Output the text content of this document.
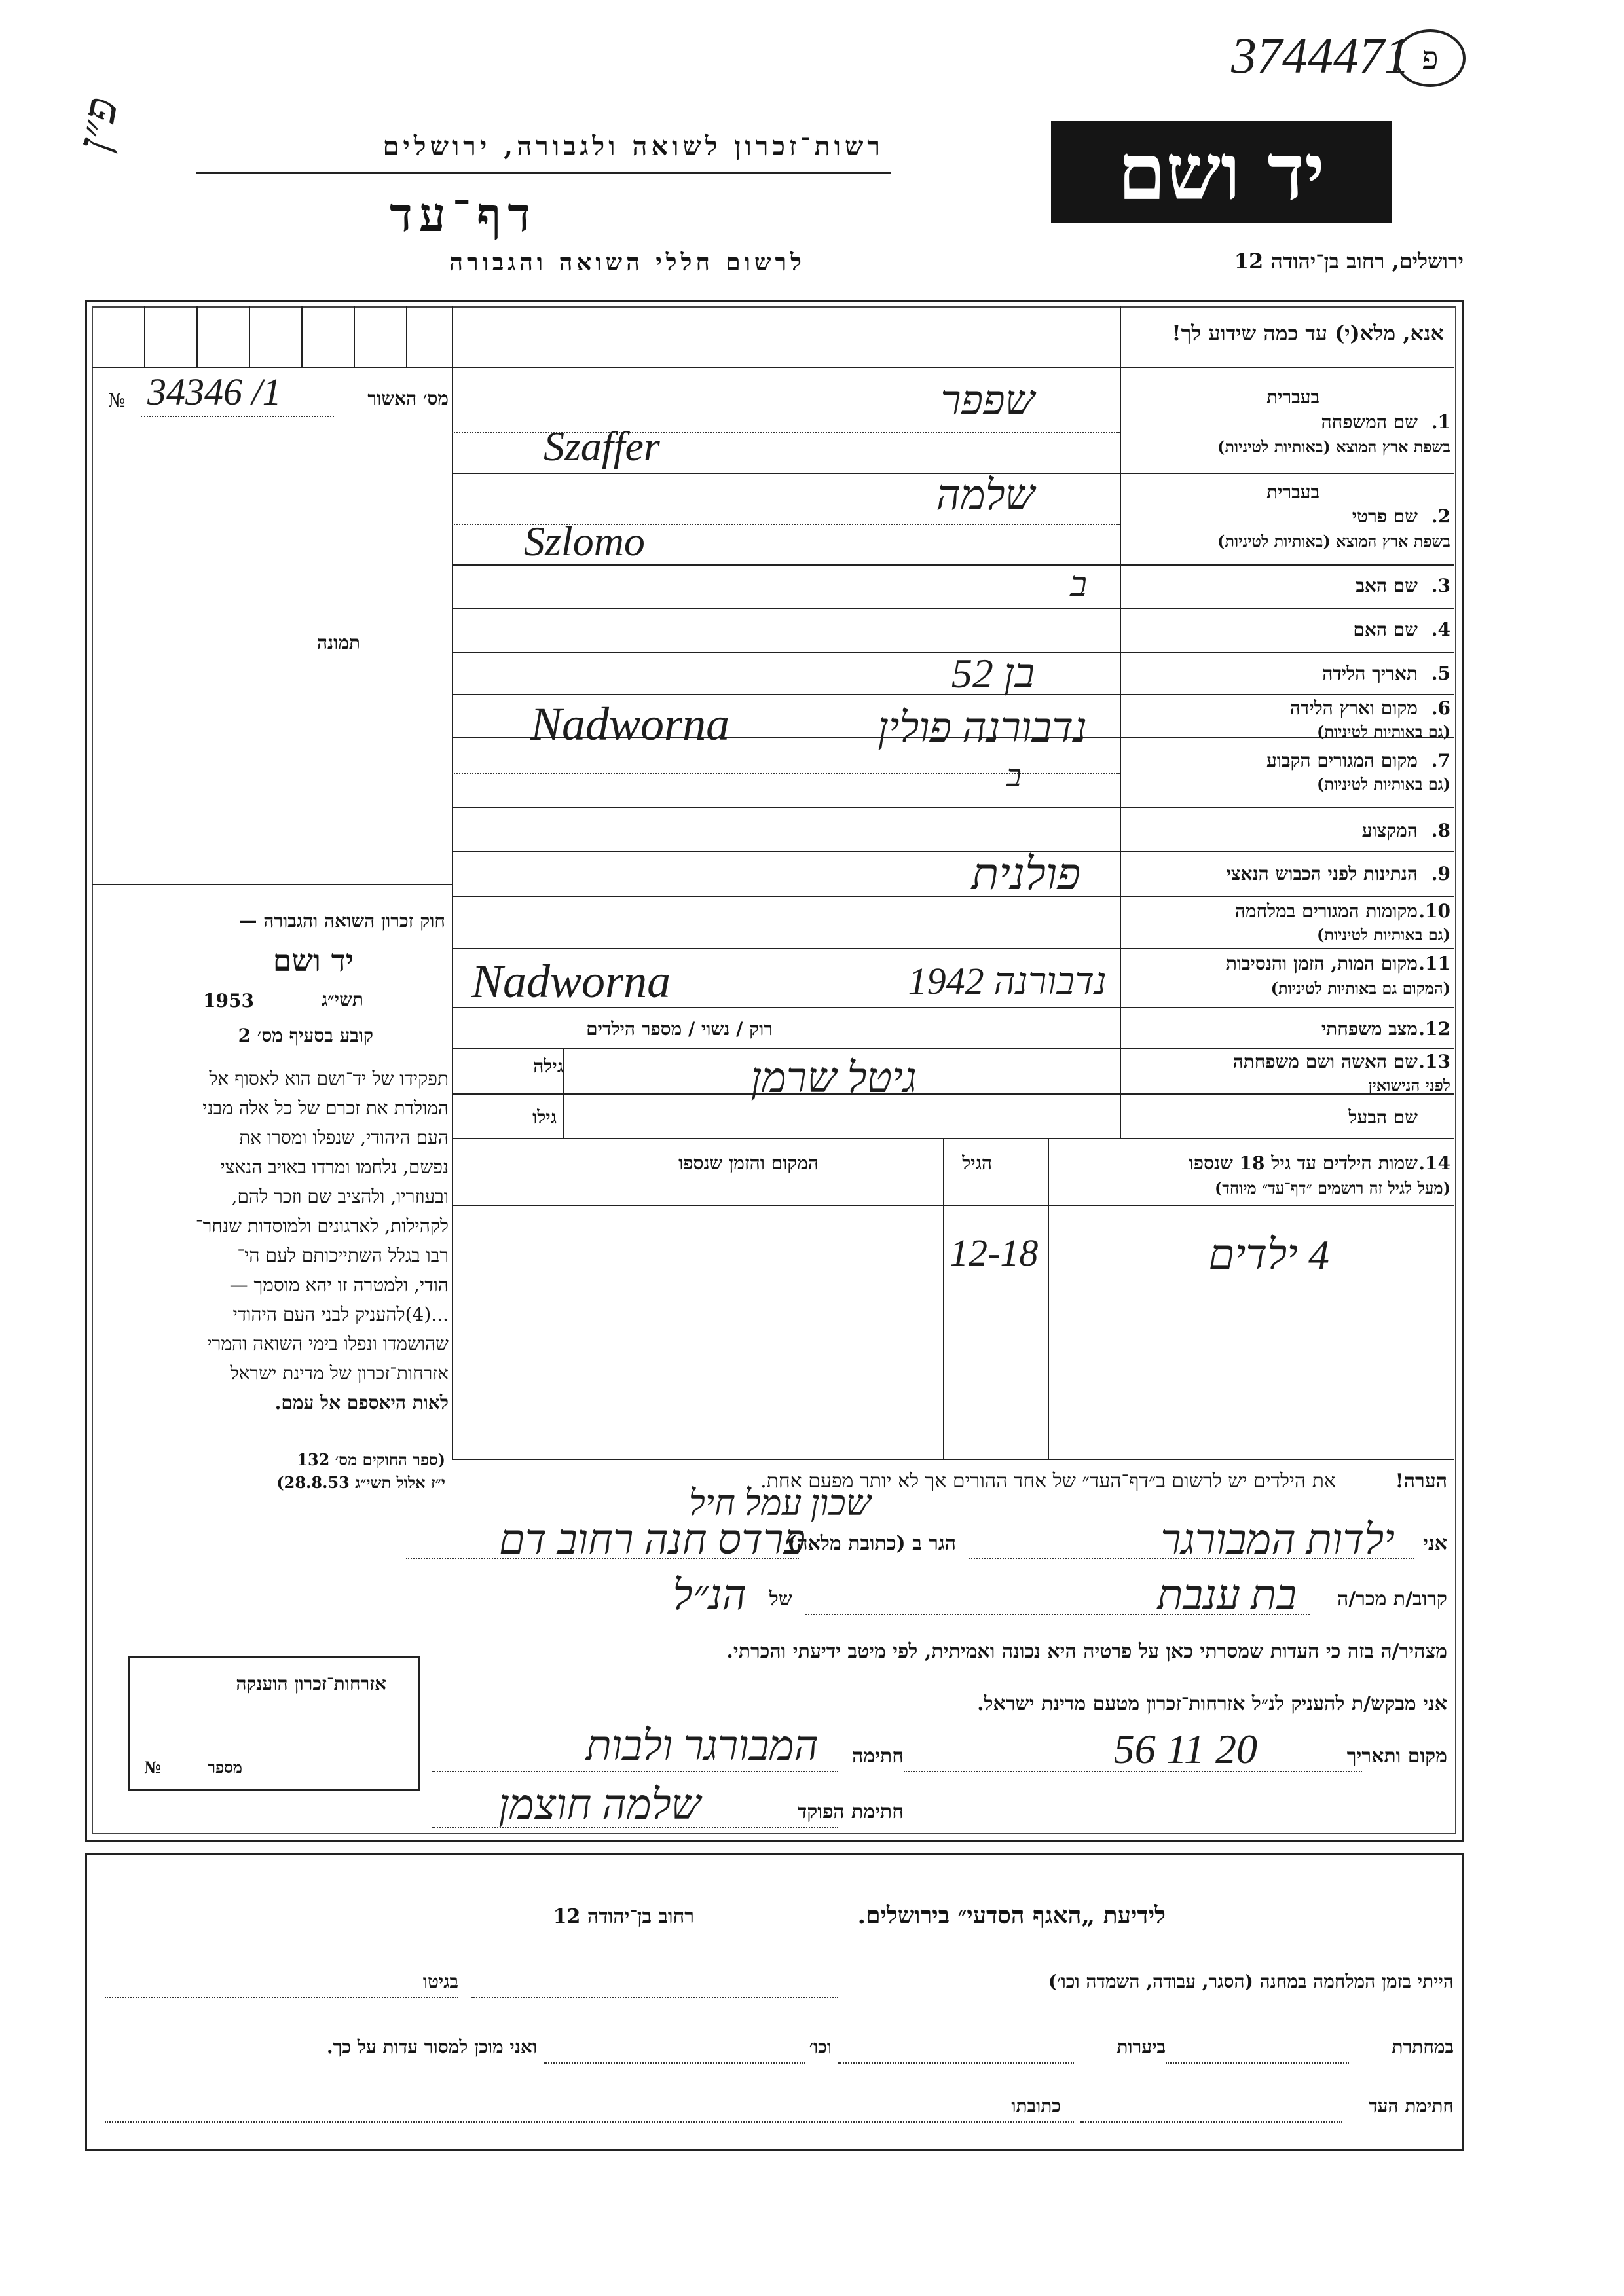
3744471 פ
פ״ן	רשות־זכרון לשואה ולגבורה, ירושלים
דף־עד
לרשום חללי השואה והגבורה
יד ושם
ירושלים, רחוב בן־יהודה 12
אנא, מלא(י) עד כמה שידוע לך!
№ 34346 /1	מס׳ האשור
תמונה
חוק זכרון השואה והגבורה —
יד ושם
תשי״ג
1953
קובע בסעיף מס׳ 2
תפקידו של יד־ושם הוא לאסוף אל
המולדת את זכרם של כל אלה מבני
העם היהודי, שנפלו ומסרו את
נפשם, נלחמו ומרדו באויב הנאצי
ובעוזריו, ולהציב שם וזכר להם,
לקהילות, לארגונים ולמוסדות שנחר־
רבו בגלל השתייכותם לעם הי־
הודי, ולמטרה זו יהא מוסמך —
...(4)להעניק לבני העם היהודי
שהושמדו ונפלו בימי השואה והמרי
אזרחות־זכרון של מדינת ישראל
לאות היאספם אל עמם.
(ספר החוקים מס׳ 132
י״ז אלול תשי״ג 28.8.53)
בעברית
1.
שם המשפחה
בשפת ארץ המוצא (באותיות לטיניות)
שפפר
Szaffer
בעברית
2.
שם פרטי
בשפת ארץ המוצא (באותיות לטיניות)
שלמה
Szlomo
3.
שם האב
ב
4.
שם האם
5.
תאריך הלידה
בן 52
6.
מקום וארץ הלידה
(גם באותיות לטיניות)
נדבורנה פולין
Nadworna
7.
מקום המגורים הקבוע
(גם באותיות לטיניות)
ב
8.
המקצוע
9.
הנתינות לפני הכבוש הנאצי
פולנית
10.
מקומות המגורים במלחמה
(גם באותיות לטיניות)
11.
מקום המות, הזמן והנסיבות
(המקום גם באותיות לטיניות)
נדבורנה 1942
Nadworna
12.
מצב משפחתי
רוק / נשוי / מספר הילדים
13.
שם האשה ושם משפחתה
לפני הנישואין
גיטל שרמן
גילה
שם הבעל
גילו
14.
שמות הילדים עד גיל 18 שנספו
(מעל לגיל זה רושמים ״דף־עד״ מיוחד)
הגיל
המקום והזמן שנספו
4 ילדים
12-18
הערה!
את הילדים יש לרשום ב״דף־העד״ של אחד ההורים אך לא יותר מפעם אחת.
שכון עמל חיל
אני
ילדות המבורגר
הגר ב (כתובת מלאה)
פרדס חנה רחוב דם
קרוב/ת מכר/ה
בת ענבת
של
הנ״ל
מצהיר/ה בזה כי העדות שמסרתי כאן על פרטיה היא נכונה ואמיתית, לפי מיטב ידיעתי והכרתי.
אני מבקש/ת להעניק לנ״ל אזרחות־זכרון מטעם מדינת ישראל.
מקום ותאריך
20 11 56
חתימה
המבורגר ולבות
חתימת הפוקד
שלמה חוצמן
אזרחות־זכרון הוענקה
מספר
№
לידיעת „האגף הסדעי״ בירושלים.
רחוב בן־יהודה 12
הייתי בזמן המלחמה במחנה (הסגר, עבודה, השמדה וכו׳)
בגיטו
במחתרת
ביערות
וכו׳
ואני מוכן למסור עדות על כך.
חתימת העד
כתובתו
